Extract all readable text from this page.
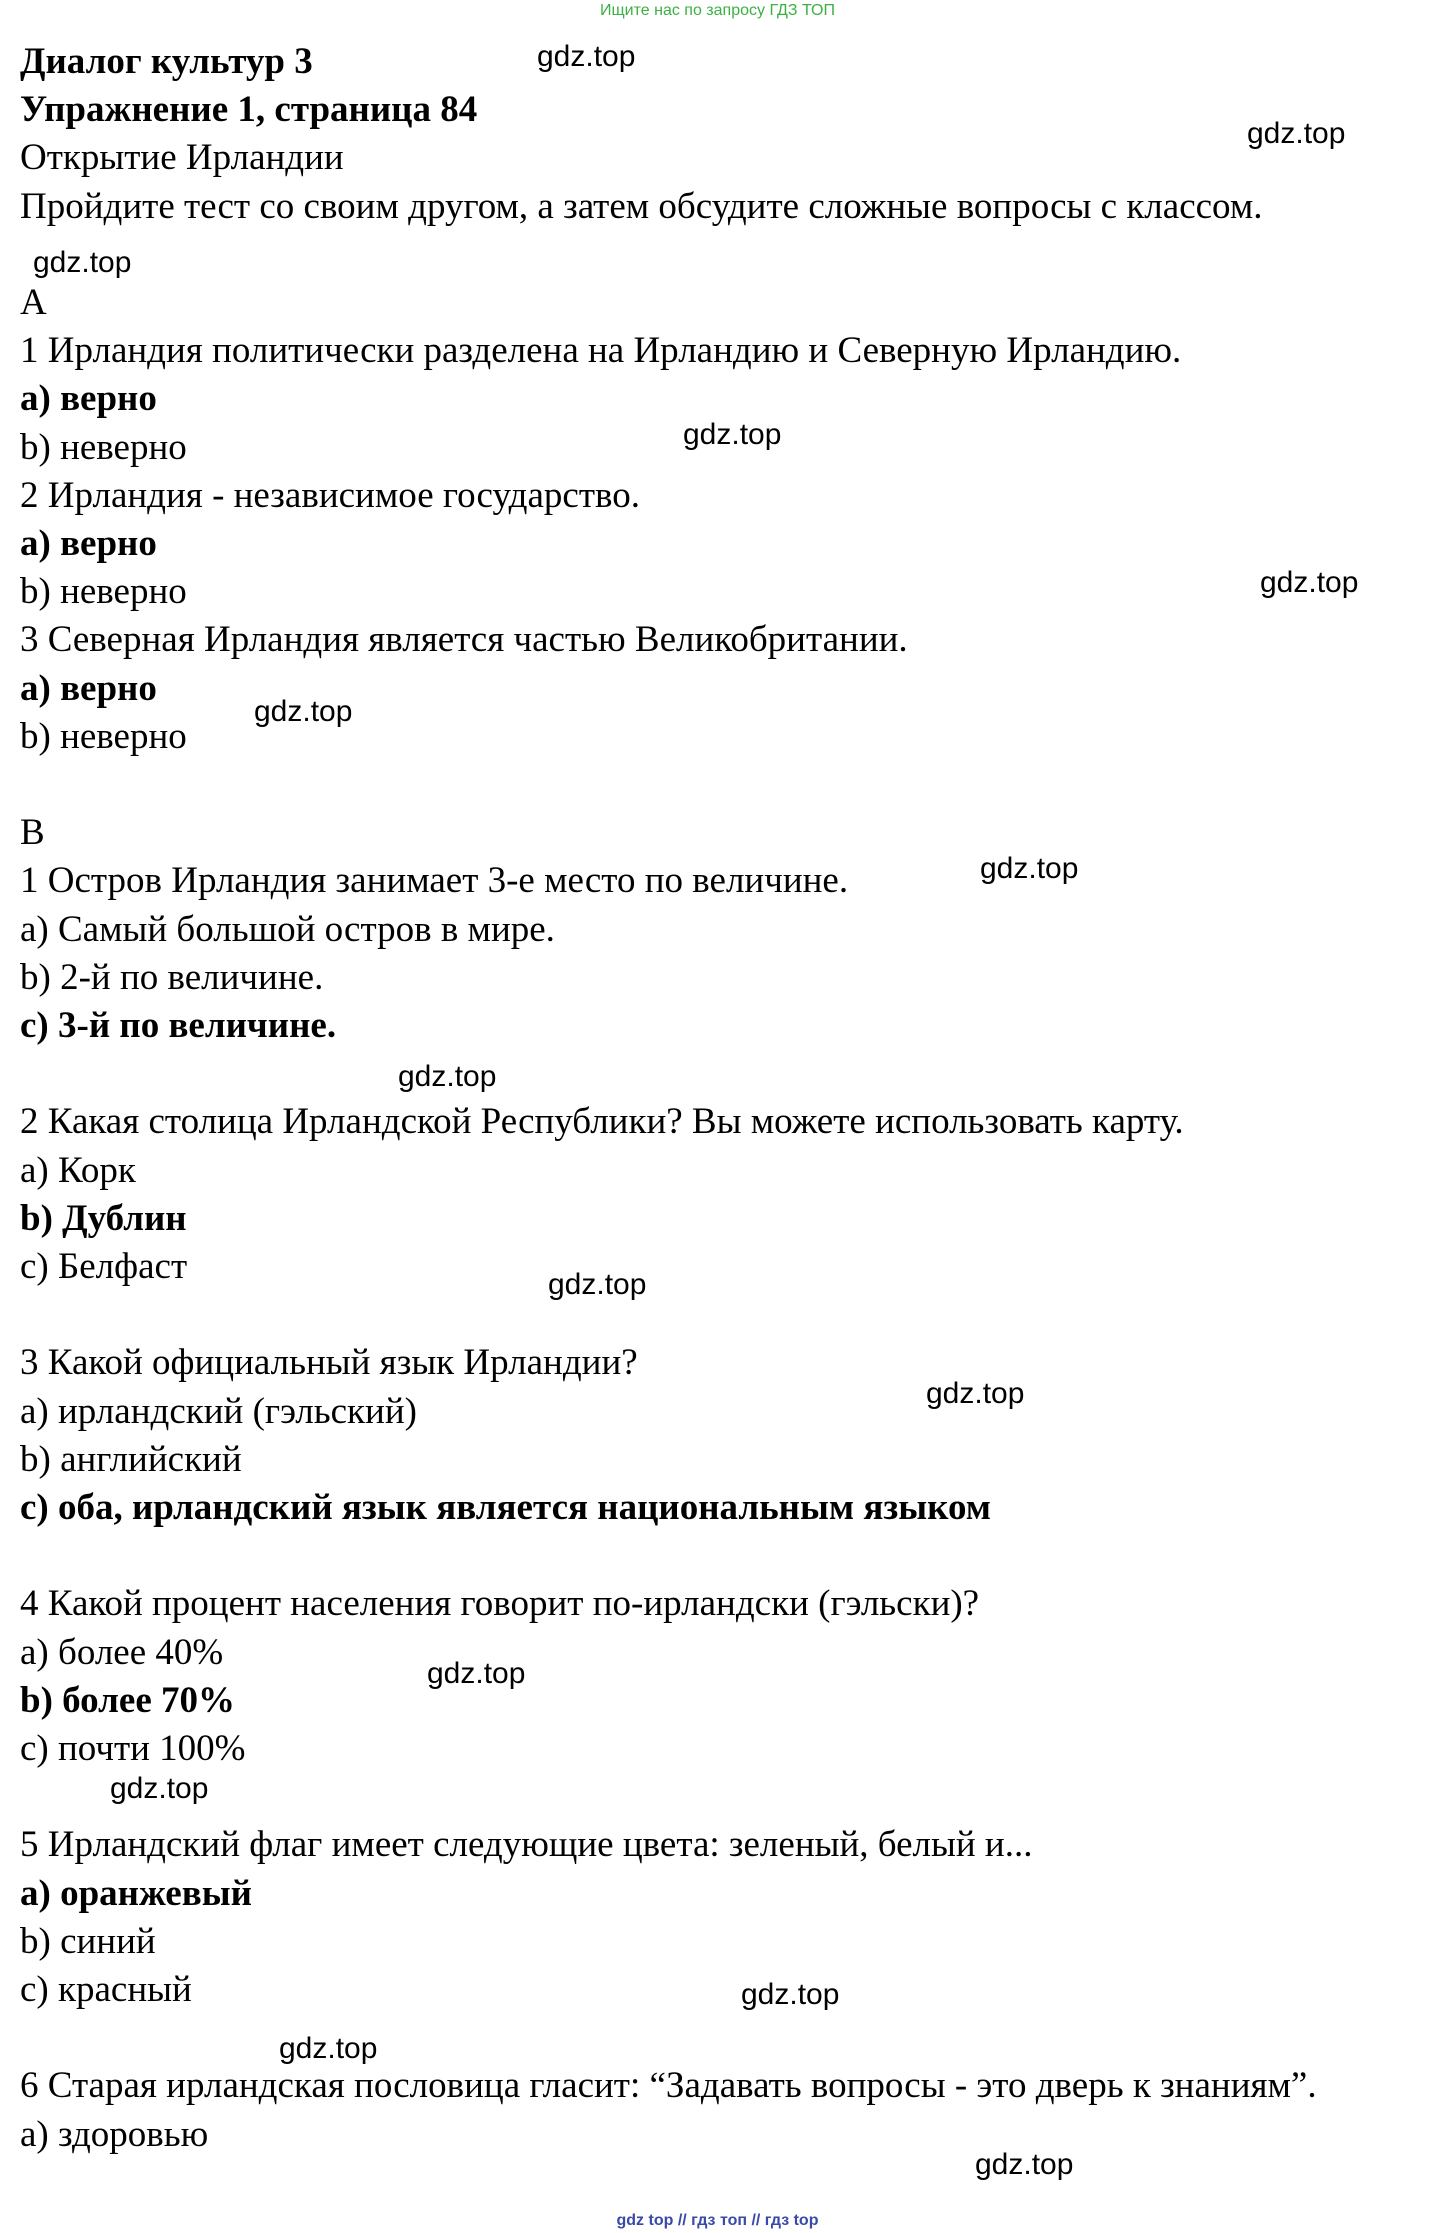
Ищите нас по запросу ГДЗ ТОП
Диалог культур 3
Упражнение 1, страница 84
Открытие Ирландии
Пройдите тест со своим другом, а затем обсудите сложные вопросы с классом.
A
1 Ирландия политически разделена на Ирландию и Северную Ирландию.
a) верно
b) неверно
2 Ирландия - независимое государство.
a) верно
b) неверно
3 Северная Ирландия является частью Великобритании.
a) верно
b) неверно
B
1 Остров Ирландия занимает 3-е место по величине.
a) Самый большой остров в мире.
b) 2-й по величине.
c) 3-й по величине.
2 Какая столица Ирландской Республики? Вы можете использовать карту.
a) Корк
b) Дублин
c) Белфаст
3 Какой официальный язык Ирландии?
a) ирландский (гэльский)
b) английский
c) оба, ирландский язык является национальным языком
4 Какой процент населения говорит по-ирландски (гэльски)?
a) более 40%
b) более 70%
c) почти 100%
5 Ирландский флаг имеет следующие цвета: зеленый, белый и...
a) оранжевый
b) синий
c) красный
6 Старая ирландская пословица гласит: “Задавать вопросы - это дверь к знаниям”.
a) здоровью
gdz.top
gdz.top
gdz.top
gdz.top
gdz.top
gdz.top
gdz.top
gdz.top
gdz.top
gdz.top
gdz.top
gdz.top
gdz.top
gdz.top
gdz.top
gdz top // гдз топ // гдз top
